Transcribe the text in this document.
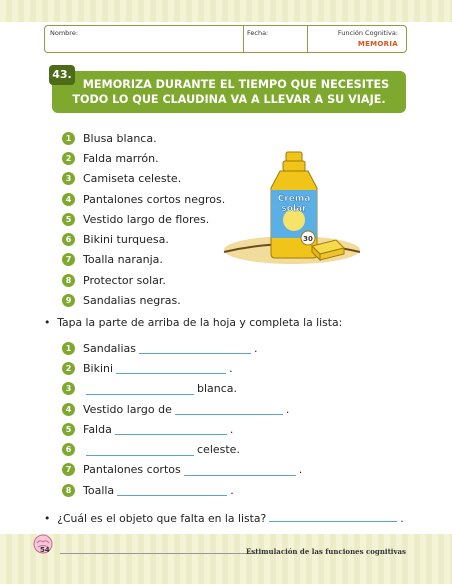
Nombre:	Fecha:	Función Cognitiva:
MEMORIA
43.
MEMORIZA DURANTE EL TIEMPO QUE NECESITES
TODO LO QUE CLAUDINA VA A LLEVAR A SU VIAJE.
1	Blusa blanca.
2	Falda marrón.
3	Camiseta celeste.
4	Pantalones cortos negros.
5	Vestido largo de flores.
6	Bikini turquesa.
7	Toalla naranja.
8	Protector solar.
9	Sandalias negras.
30
Crema
solar
•  Tapa la parte de arriba de la hoja y completa la lista:
1	Sandalias	.
2	Bikini	.
3	blanca.
4	Vestido largo de	.
5	Falda	.
6	celeste.
7	Pantalones cortos	.
8	Toalla	.
•  ¿Cuál es el objeto que falta en la lista?	.
54	Estimulación de las funciones cognitivas
